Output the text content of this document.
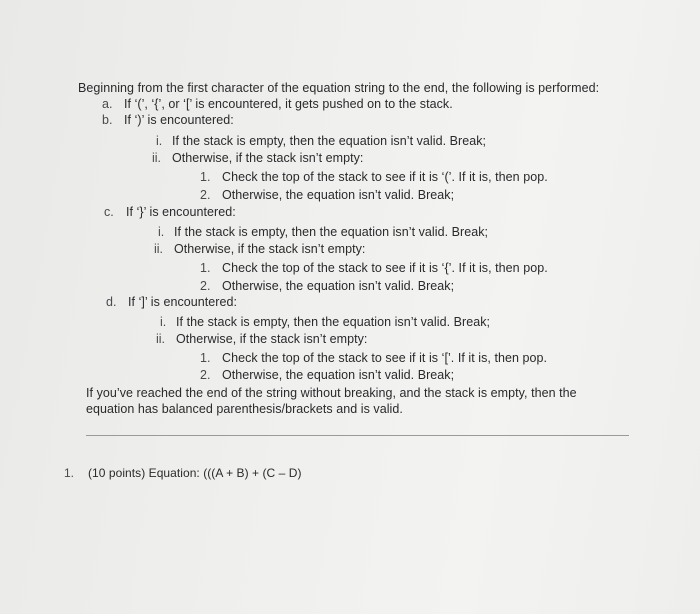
Beginning from the first character of the equation string to the end, the following is performed:
a. If ‘(’, ‘{’, or ‘[’ is encountered, it gets pushed on to the stack.
b. If ‘)’ is encountered:
i. If the stack is empty, then the equation isn’t valid. Break;
ii. Otherwise, if the stack isn’t empty:
1. Check the top of the stack to see if it is ‘(’. If it is, then pop.
2. Otherwise, the equation isn’t valid. Break;
c. If ‘}’ is encountered:
i. If the stack is empty, then the equation isn’t valid. Break;
ii. Otherwise, if the stack isn’t empty:
1. Check the top of the stack to see if it is ‘{’. If it is, then pop.
2. Otherwise, the equation isn’t valid. Break;
d. If ‘]’ is encountered:
i. If the stack is empty, then the equation isn’t valid. Break;
ii. Otherwise, if the stack isn’t empty:
1. Check the top of the stack to see if it is ‘[’. If it is, then pop.
2. Otherwise, the equation isn’t valid. Break;
If you’ve reached the end of the string without breaking, and the stack is empty, then the
equation has balanced parenthesis/brackets and is valid.
1. (10 points) Equation: (((A + B) + (C – D)
